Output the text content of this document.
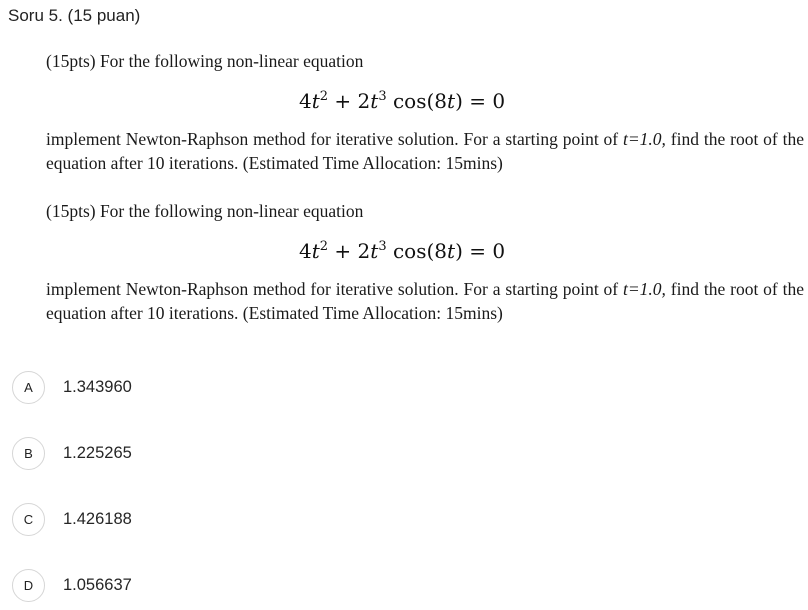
Soru 5. (15 puan)
(15pts) For the following non-linear equation
$4t^2 + 2t^3$ cos(8t) = 0
implement Newton-Raphson method for iterative solution. For a starting point of t=1.0, find the root of the equation after 10 iterations. (Estimated Time Allocation: 15mins)
(15pts) For the following non-linear equation
$4t^2 + 2t^3$ cos(8t) = 0
implement Newton-Raphson method for iterative solution. For a starting point of t=1.0, find the root of the equation after 10 iterations. (Estimated Time Allocation: 15mins)
A	1.343960
B	1.225265
C	1.426188
D	1.056637
